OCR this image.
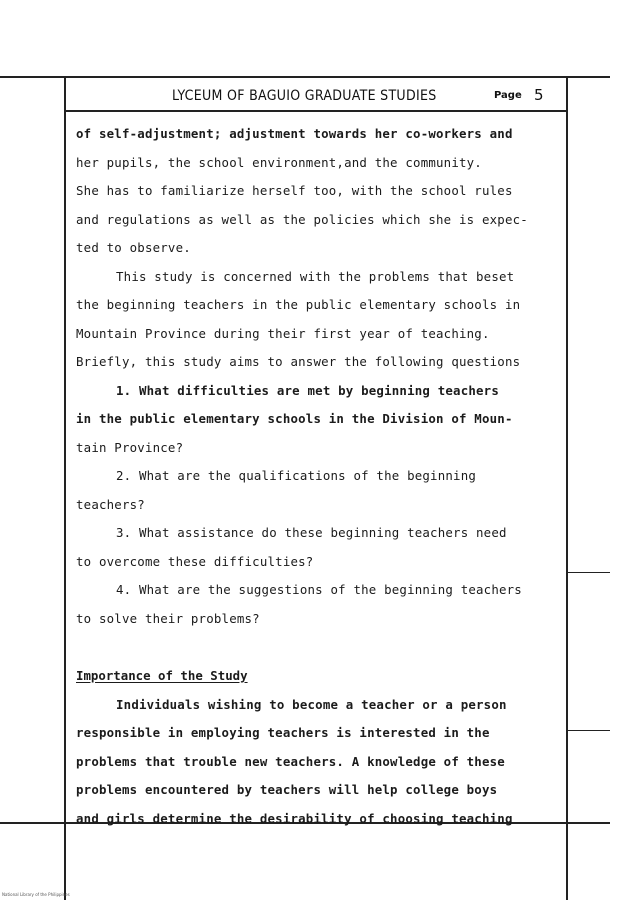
LYCEUM OF BAGUIO GRADUATE STUDIES	Page 5
of self-adjustment; adjustment towards her co-workers and
her pupils, the school environment,and the community.
She has to familiarize herself too, with the school rules
and regulations as well as the policies which she is expec-
ted to observe.
This study is concerned with the problems that beset
the beginning teachers in the public elementary schools in
Mountain Province during their first year of teaching.
Briefly, this study aims to answer the following questions
1. What difficulties are met by beginning teachers
in the public elementary schools in the Division of Moun-
tain Province?
2. What are the qualifications of the beginning
teachers?
3. What assistance do these beginning teachers need
to overcome these difficulties?
4. What are the suggestions of the beginning teachers
to solve their problems?
Importance of the Study
Individuals wishing to become a teacher or a person
responsible in employing teachers is interested in the
problems that trouble new teachers. A knowledge of these
problems encountered by teachers will help college boys
and girls determine the desirability of choosing teaching
National Library of the Philippines
